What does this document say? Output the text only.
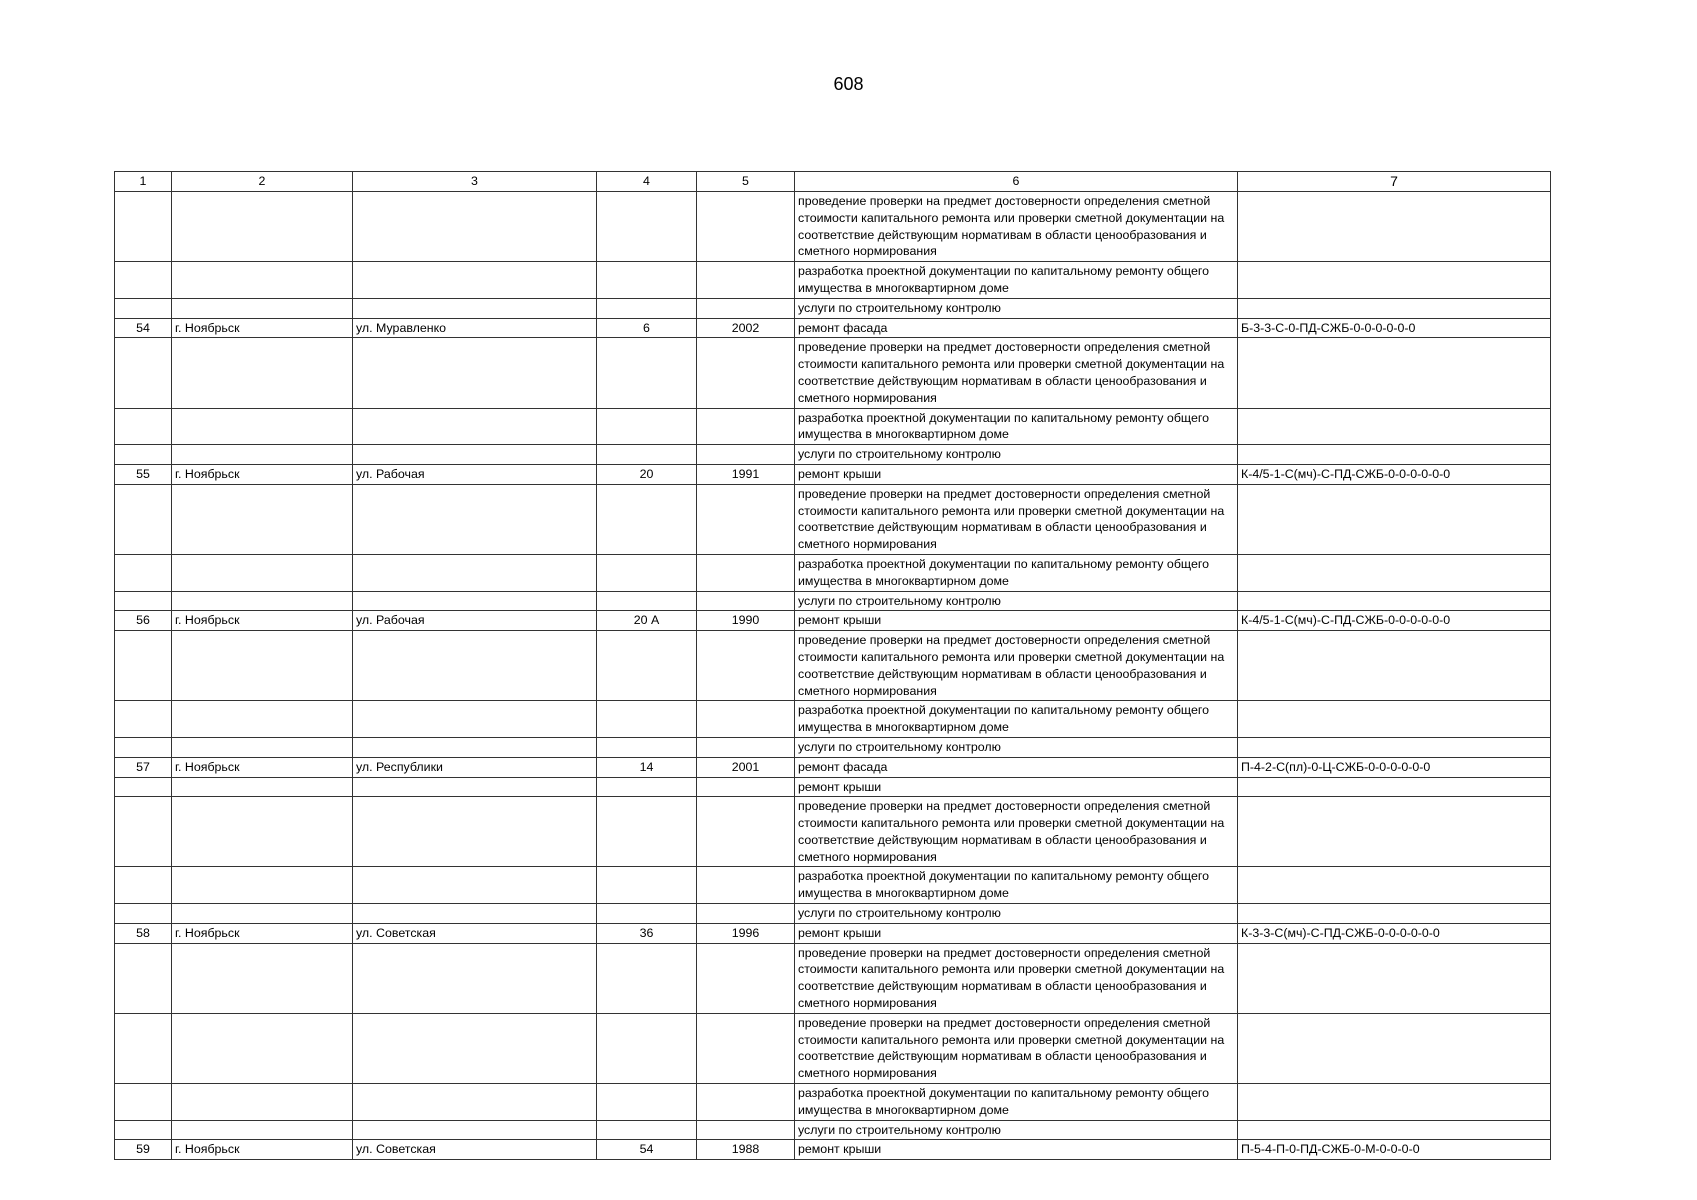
608
1	2	3	4	5	6	7
					проведение проверки на предмет достоверности определения сметной стоимости капитального ремонта или проверки сметной документации на соответствие действующим нормативам в области ценообразования и сметного нормирования	
					разработка проектной документации по капитальному ремонту общего имущества в многоквартирном доме	
					услуги по строительному контролю	
54	г. Ноябрьск	ул. Муравленко	6	2002	ремонт фасада	Б-3-3-С-0-ПД-СЖБ-0-0-0-0-0-0
					проведение проверки на предмет достоверности определения сметной стоимости капитального ремонта или проверки сметной документации на соответствие действующим нормативам в области ценообразования и сметного нормирования	
					разработка проектной документации по капитальному ремонту общего имущества в многоквартирном доме	
					услуги по строительному контролю	
55	г. Ноябрьск	ул. Рабочая	20	1991	ремонт крыши	К-4/5-1-С(мч)-С-ПД-СЖБ-0-0-0-0-0-0
					проведение проверки на предмет достоверности определения сметной стоимости капитального ремонта или проверки сметной документации на соответствие действующим нормативам в области ценообразования и сметного нормирования	
					разработка проектной документации по капитальному ремонту общего имущества в многоквартирном доме	
					услуги по строительному контролю	
56	г. Ноябрьск	ул. Рабочая	20 А	1990	ремонт крыши	К-4/5-1-С(мч)-С-ПД-СЖБ-0-0-0-0-0-0
					проведение проверки на предмет достоверности определения сметной стоимости капитального ремонта или проверки сметной документации на соответствие действующим нормативам в области ценообразования и сметного нормирования	
					разработка проектной документации по капитальному ремонту общего имущества в многоквартирном доме	
					услуги по строительному контролю	
57	г. Ноябрьск	ул. Республики	14	2001	ремонт фасада	П-4-2-С(пл)-0-Ц-СЖБ-0-0-0-0-0-0
					ремонт крыши	
					проведение проверки на предмет достоверности определения сметной стоимости капитального ремонта или проверки сметной документации на соответствие действующим нормативам в области ценообразования и сметного нормирования	
					разработка проектной документации по капитальному ремонту общего имущества в многоквартирном доме	
					услуги по строительному контролю	
58	г. Ноябрьск	ул. Советская	36	1996	ремонт крыши	К-3-3-С(мч)-С-ПД-СЖБ-0-0-0-0-0-0
					проведение проверки на предмет достоверности определения сметной стоимости капитального ремонта или проверки сметной документации на соответствие действующим нормативам в области ценообразования и сметного нормирования	
					проведение проверки на предмет достоверности определения сметной стоимости капитального ремонта или проверки сметной документации на соответствие действующим нормативам в области ценообразования и сметного нормирования	
					разработка проектной документации по капитальному ремонту общего имущества в многоквартирном доме	
					услуги по строительному контролю	
59	г. Ноябрьск	ул. Советская	54	1988	ремонт крыши	П-5-4-П-0-ПД-СЖБ-0-М-0-0-0-0
